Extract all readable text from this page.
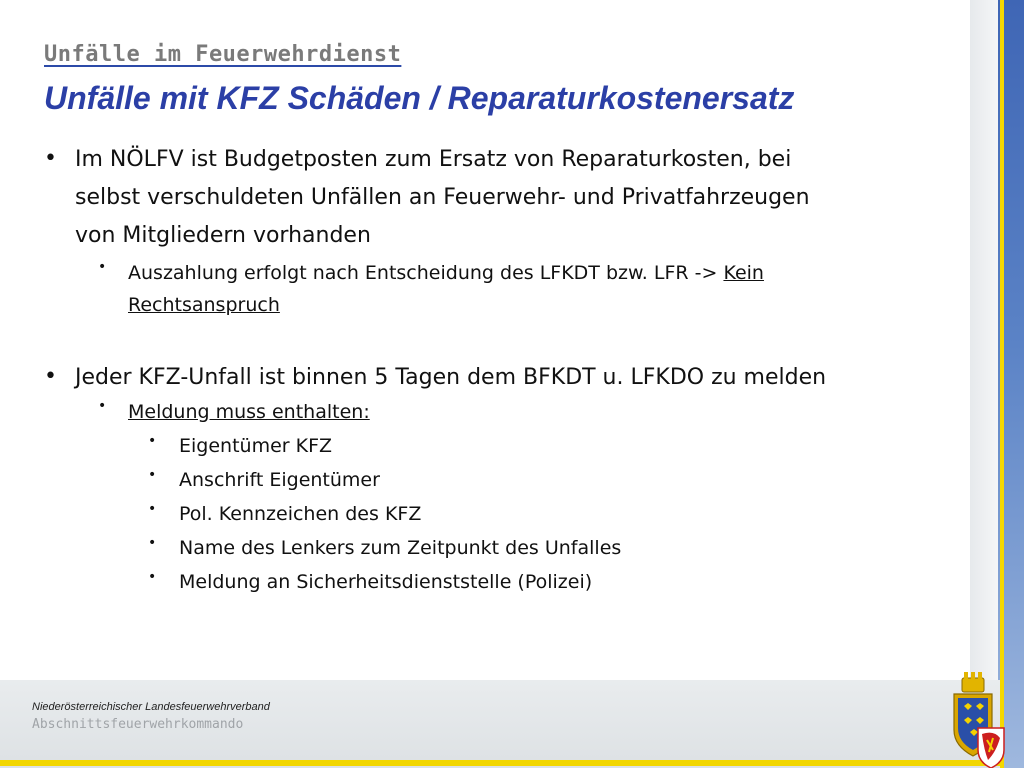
Unfälle im Feuerwehrdienst
Unfälle mit KFZ Schäden / Reparaturkostenersatz
• Im NÖLFV ist Budgetposten zum Ersatz von Reparaturkosten, bei
selbst verschuldeten Unfällen an Feuerwehr- und Privatfahrzeugen
von Mitgliedern vorhanden
• Auszahlung erfolgt nach Entscheidung des LFKDT bzw. LFR -> Kein
Rechtsanspruch
• Jeder KFZ-Unfall ist binnen 5 Tagen dem BFKDT u. LFKDO zu melden
• Meldung muss enthalten:
• Eigentümer KFZ
• Anschrift Eigentümer
• Pol. Kennzeichen des KFZ
• Name des Lenkers zum Zeitpunkt des Unfalles
• Meldung an Sicherheitsdienststelle (Polizei)
Niederösterreichischer Landesfeuerwehrverband
Abschnittsfeuerwehrkommando
